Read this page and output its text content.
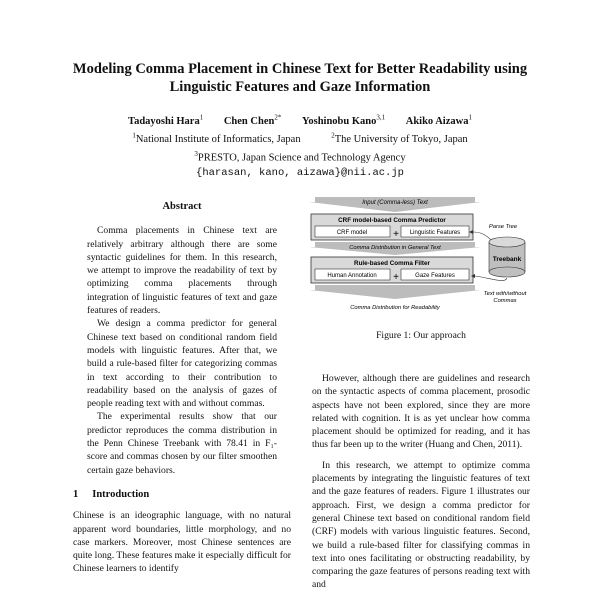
Modeling Comma Placement in Chinese Text for Better Readability using
Linguistic Features and Gaze Information
Tadayoshi Hara$^1$ Chen Chen$^{2*}$ Yoshinobu Kano$^{3,1}$ Akiko Aizawa$^1$
$^1$National Institute of Informatics, Japan	$^2$The University of Tokyo, Japan
$^3$PRESTO, Japan Science and Technology Agency
{harasan, kano, aizawa}@nii.ac.jp
Abstract

Comma placements in Chinese text are relatively arbitrary although there are some syntactic guidelines for them. In this research, we attempt to improve the readability of text by optimizing comma placements through integration of linguistic features of text and gaze features of readers.

We design a comma predictor for general Chinese text based on conditional random field models with linguistic features. After that, we build a rule-based filter for categorizing commas in text according to their contribution to readability based on the analysis of gazes of people reading text with and without commas.

The experimental results show that our predictor reproduces the comma distribution in the Penn Chinese Treebank with 78.41 in F₁-score and commas chosen by our filter smoothen certain gaze behaviors.

1 Introduction

Chinese is an ideographic language, with no natural apparent word boundaries, little morphology, and no case markers. Moreover, most Chinese sentences are quite long. These features make it especially difficult for Chinese learners to identify

Input (Comma-less) Text
CRF model-based Comma Predictor
CRF model	+ Linguistic Features
Parse Tree
Treebank
Comma Distribution in General Text
Rule-based Comma Filter
Human Annotation +	Gaze Features
Text with/without
Commas
Comma Distribution for Readability
Figure 1: Our approach

However, although there are guidelines and research on the syntactic aspects of comma placement, prosodic aspects have not been explored, since they are more related with cognition. It is as yet unclear how comma placement should be optimized for reading, and it has thus far been up to the writer (Huang and Chen, 2011).

In this research, we attempt to optimize comma placements by integrating the linguistic features of text and the gaze features of readers. Figure 1 illustrates our approach. First, we design a comma predictor for general Chinese text based on conditional random field (CRF) models with various linguistic features. Second, we build a rule-based filter for classifying commas in text into ones facilitating or obstructing readability, by comparing the gaze features of persons reading text with and
